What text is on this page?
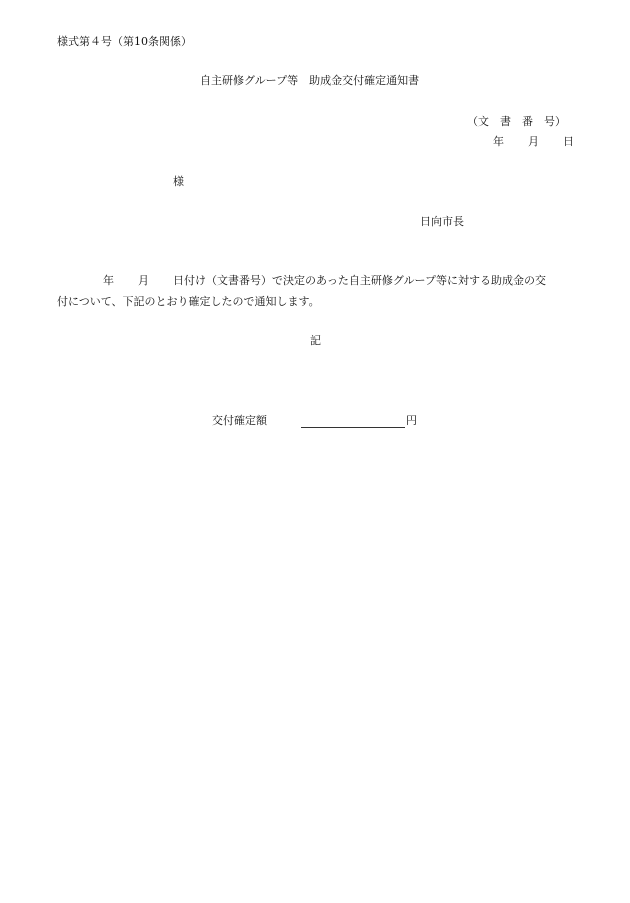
様式第４号（第10条関係）
自主研修グループ等　助成金交付確定通知書
（文　書　番　号）
年 月 日
様
日向市長
年 月 日付け（文書番号）で決定のあった自主研修グループ等に対する助成金の交
付について、下記のとおり確定したので通知します。
記
交付確定額	円
